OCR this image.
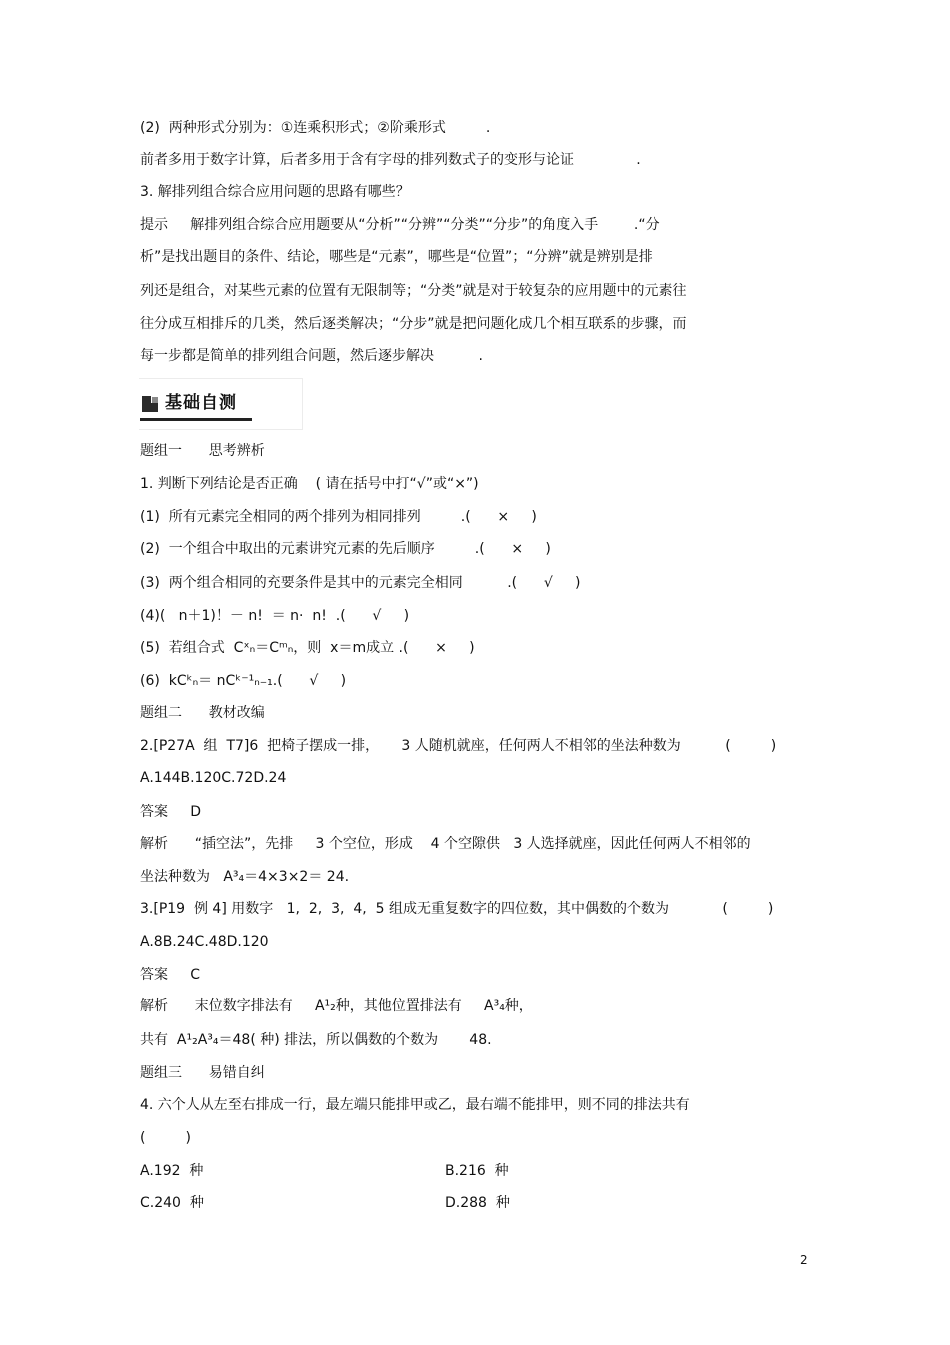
(2)  两种形式分别为：①连乘积形式；②阶乘形式         .
前者多用于数字计算，后者多用于含有字母的排列数式子的变形与论证              .
3. 解排列组合综合应用问题的思路有哪些？
提示     解排列组合综合应用题要从“分析”“分辨”“分类”“分步”的角度入手        .“分
析”是找出题目的条件、结论，哪些是“元素”，哪些是“位置”；“分辨”就是辨别是排
列还是组合，对某些元素的位置有无限制等；“分类”就是对于较复杂的应用题中的元素往
往分成互相排斥的几类，然后逐类解决；“分步”就是把问题化成几个相互联系的步骤，而
每一步都是简单的排列组合问题，然后逐步解决          .
基础自测
题组一      思考辨析
1. 判断下列结论是否正确    ( 请在括号中打“√”或“×”)
(1)  所有元素完全相同的两个排列为相同排列         .(      ×     )
(2)  一个组合中取出的元素讲究元素的先后顺序         .(      ×     )
(3)  两个组合相同的充要条件是其中的元素完全相同          .(      √     )
(4)(   n＋1)！－ n!  ＝ n·  n!  .(      √     )
(5)  若组合式  Cˣₙ＝Cᵐₙ，则  x＝m成立 .(      ×     )
(6)  kCᵏₙ＝ nCᵏ⁻¹ₙ₋₁.(      √     )
题组二      教材改编
2.[P27A  组  T7]6  把椅子摆成一排，     3 人随机就座，任何两人不相邻的坐法种数为          (         )
A.144B.120C.72D.24
答案     D
解析      “插空法”，先排     3 个空位，形成    4 个空隙供   3 人选择就座，因此任何两人不相邻的
坐法种数为   A³₄＝4×3×2＝ 24.
3.[P19  例 4] 用数字   1,  2,  3,  4,  5 组成无重复数字的四位数，其中偶数的个数为            (         )
A.8B.24C.48D.120
答案     C
解析      末位数字排法有     A¹₂种，其他位置排法有     A³₄种，
共有  A¹₂A³₄＝48( 种) 排法，所以偶数的个数为       48.
题组三      易错自纠
4. 六个人从左至右排成一行，最左端只能排甲或乙，最右端不能排甲，则不同的排法共有
(         )
A.192  种	B.216  种
C.240  种	D.288  种
2
